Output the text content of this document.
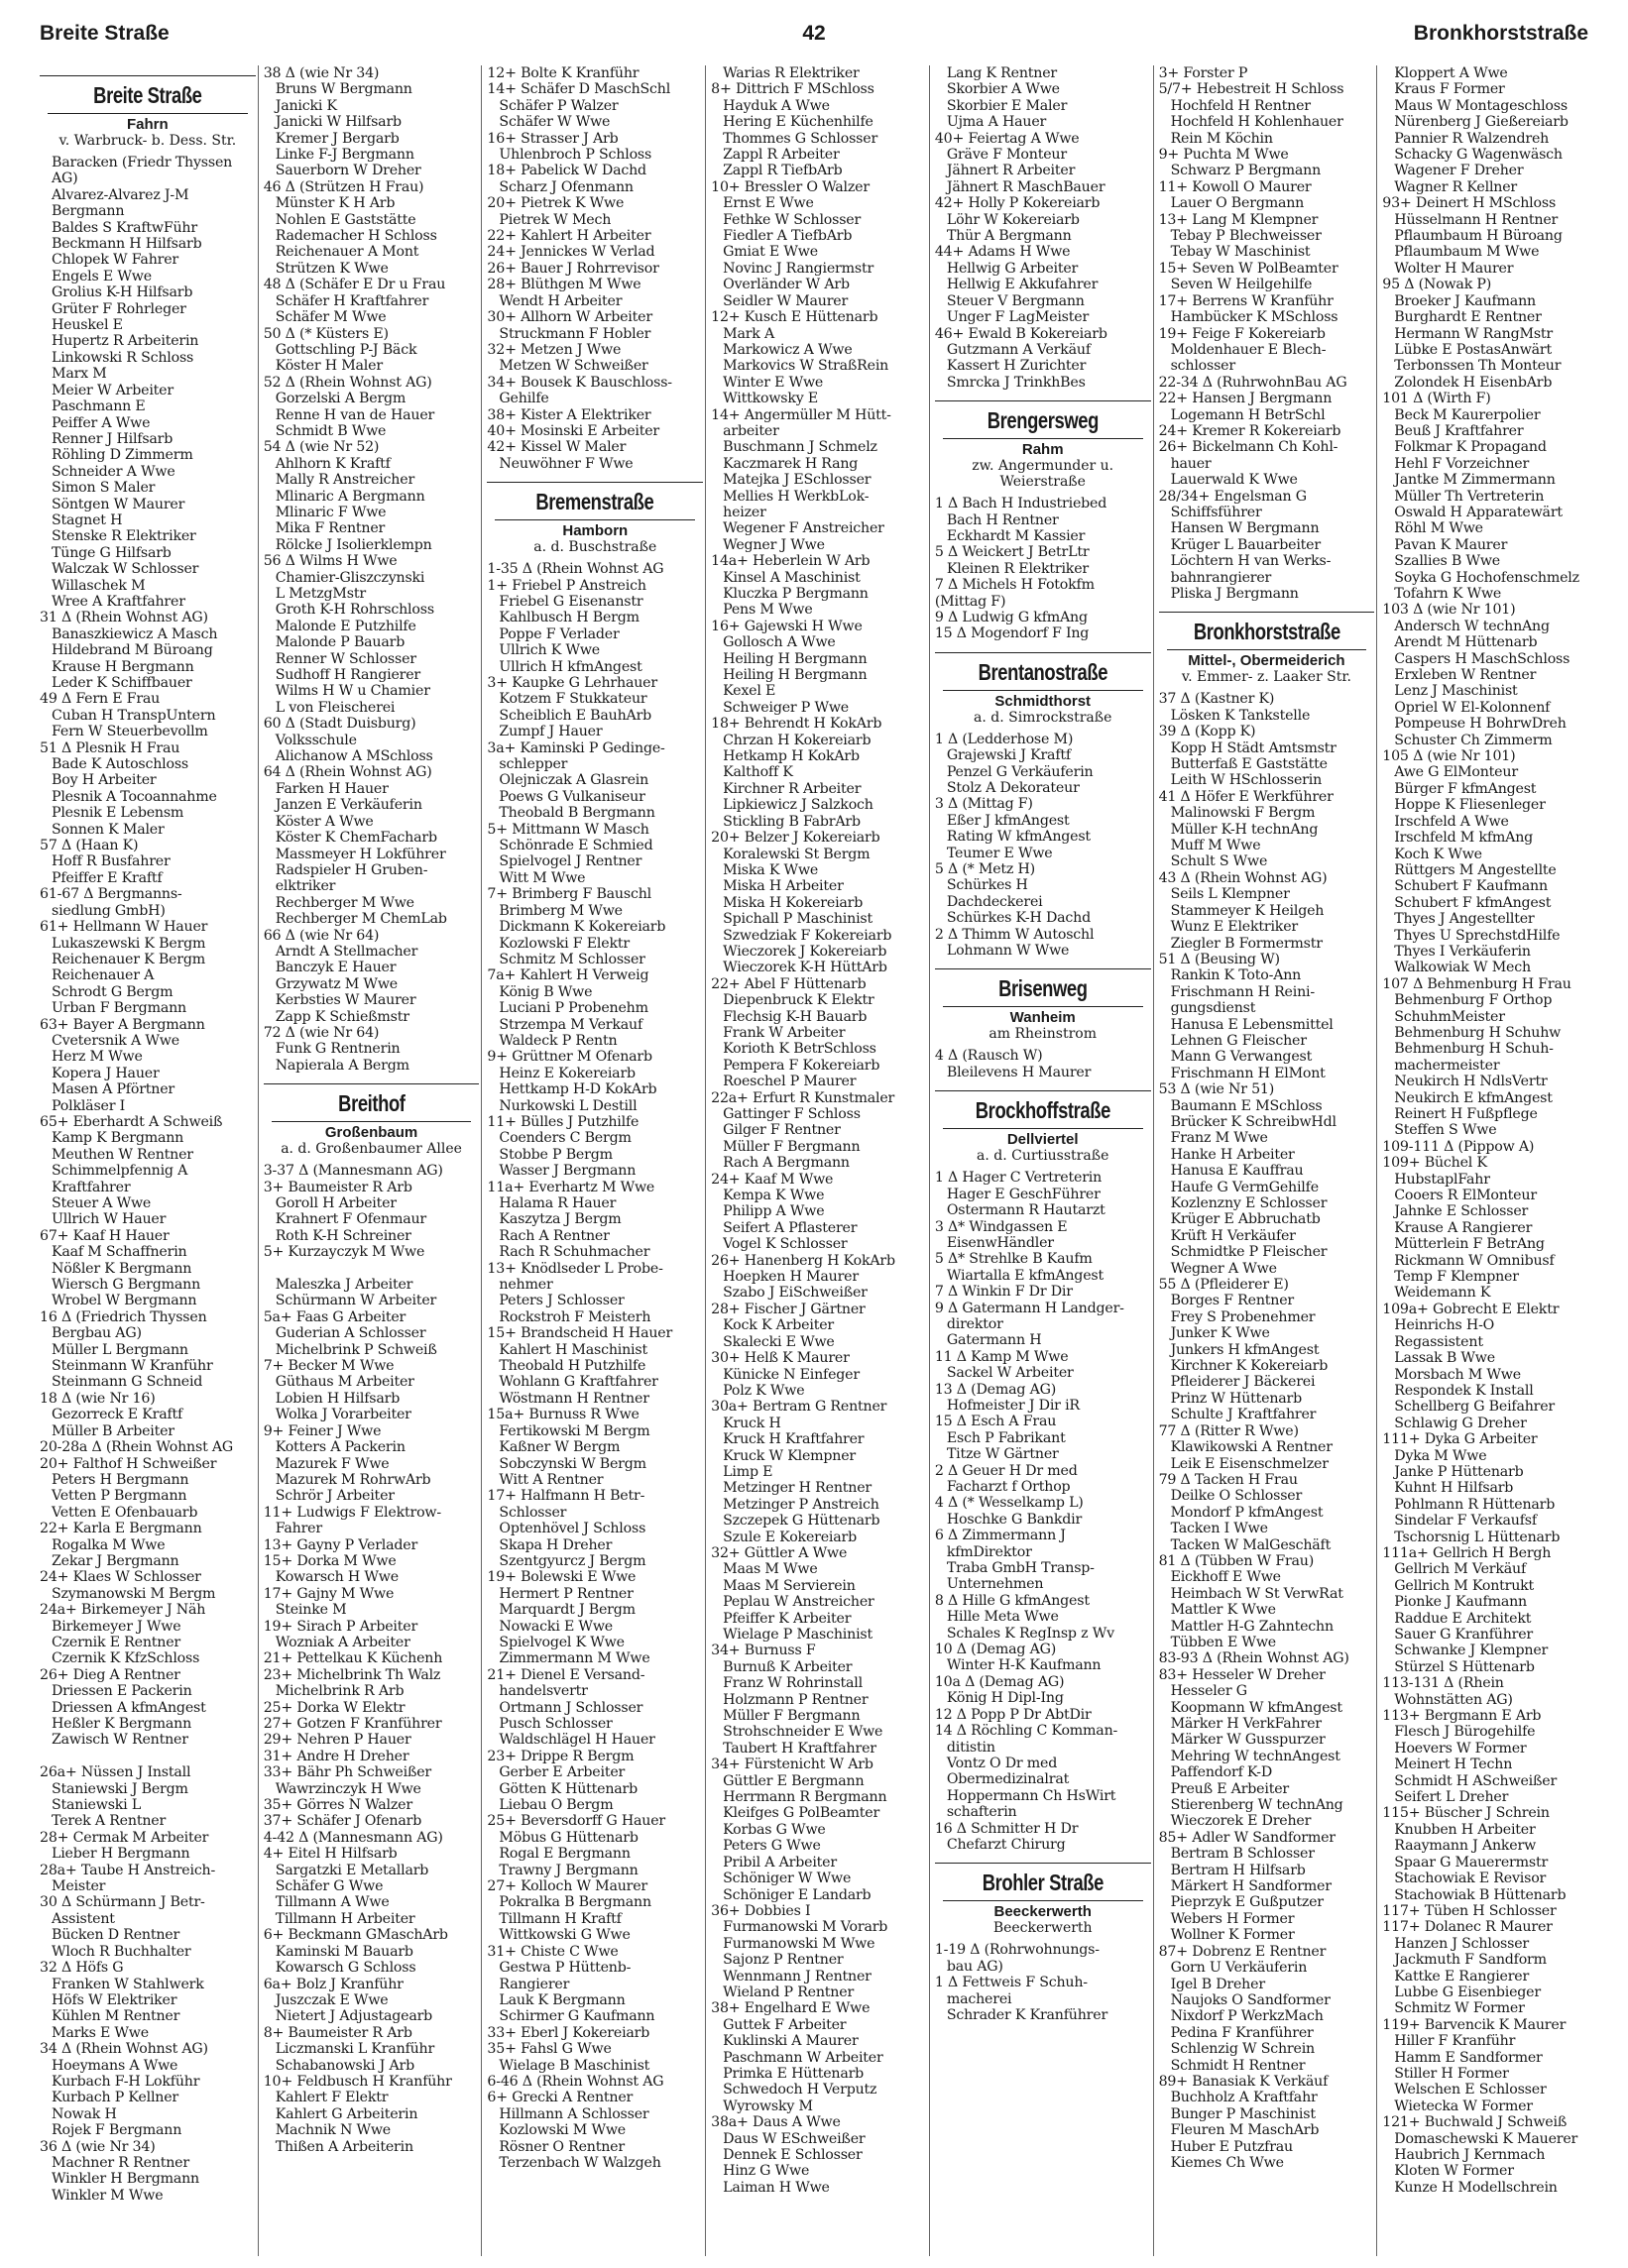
Breite Straße	42	Bronkhorststraße
Breite Straße
Fahrn
v. Warbruck- b. Dess. Str.
Baracken (Friedr Thyssen
AG)
Alvarez-Alvarez J-M
Bergmann
Baldes S KraftwFühr
Beckmann H Hilfsarb
Chlopek W Fahrer
Engels E Wwe
Grolius K-H Hilfsarb
Grüter F Rohrleger
Heuskel E
Hupertz R Arbeiterin
Linkowski R Schloss
Marx M
Meier W Arbeiter
Paschmann E
Peiffer A Wwe
Renner J Hilfsarb
Röhling D Zimmerm
Schneider A Wwe
Simon S Maler
Söntgen W Maurer
Stagnet H
Stenske R Elektriker
Tünge G Hilfsarb
Walczak W Schlosser
Willaschek M
Wree A Kraftfahrer
31 Δ (Rhein Wohnst AG)
Banaszkiewicz A Masch
Hildebrand M Büroang
Krause H Bergmann
Leder K Schiffbauer
49 Δ Fern E Frau
Cuban H TranspUntern
Fern W Steuerbevollm
51 Δ Plesnik H Frau
Bade K Autoschloss
Boy H Arbeiter
Plesnik A Tocoannahme
Plesnik E Lebensm
Sonnen K Maler
57 Δ (Haan K)
Hoff R Busfahrer
Pfeiffer E Kraftf
61-67 Δ Bergmanns-
siedlung GmbH)
61+ Hellmann W Hauer
Lukaszewski K Bergm
Reichenauer K Bergm
Reichenauer A
Schrodt G Bergm
Urban F Bergmann
63+ Bayer A Bergmann
Cvetersnik A Wwe
Herz M Wwe
Kopera J Hauer
Masen A Pförtner
Polkläser I
65+ Eberhardt A Schweiß
Kamp K Bergmann
Meuthen W Rentner
Schimmelpfennig A
Kraftfahrer
Steuer A Wwe
Ullrich W Hauer
67+ Kaaf H Hauer
Kaaf M Schaffnerin
Nößler K Bergmann
Wiersch G Bergmann
Wrobel W Bergmann
16 Δ (Friedrich Thyssen
Bergbau AG)
Müller L Bergmann
Steinmann W Kranführ
Steinmann G Schneid
18 Δ (wie Nr 16)
Gezorreck E Kraftf
Müller B Arbeiter
20-28a Δ (Rhein Wohnst AG
20+ Falthof H Schweißer
Peters H Bergmann
Vetten P Bergmann
Vetten E Ofenbauarb
22+ Karla E Bergmann
Rogalka M Wwe
Zekar J Bergmann
24+ Klaes W Schlosser
Szymanowski M Bergm
24a+ Birkemeyer J Näh
Birkemeyer J Wwe
Czernik E Rentner
Czernik K KfzSchloss
26+ Dieg A Rentner
Driessen E Packerin
Driessen A kfmAngest
Heßler K Bergmann
Zawisch W Rentner

26a+ Nüssen J Install
Staniewski J Bergm
Staniewski L
Terek A Rentner
28+ Cermak M Arbeiter
Lieber H Bergmann
28a+ Taube H Anstreich-
Meister
30 Δ Schürmann J Betr-
Assistent
Bücken D Rentner
Wloch R Buchhalter
32 Δ Höfs G
Franken W Stahlwerk
Höfs W Elektriker
Kühlen M Rentner
Marks E Wwe
34 Δ (Rhein Wohnst AG)
Hoeymans A Wwe
Kurbach F-H Lokführ
Kurbach P Kellner
Nowak H
Rojek F Bergmann
36 Δ (wie Nr 34)
Machner R Rentner
Winkler H Bergmann
Winkler M Wwe
38 Δ (wie Nr 34)
Bruns W Bergmann
Janicki K
Janicki W Hilfsarb
Kremer J Bergarb
Linke F-J Bergmann
Sauerborn W Dreher
46 Δ (Strützen H Frau)
Münster K H Arb
Nohlen E Gaststätte
Rademacher H Schloss
Reichenauer A Mont
Strützen K Wwe
48 Δ (Schäfer E Dr u Frau
Schäfer H Kraftfahrer
Schäfer M Wwe
50 Δ (* Küsters E)
Gottschling P-J Bäck
Köster H Maler
52 Δ (Rhein Wohnst AG)
Gorzelski A Bergm
Renne H van de Hauer
Schmidt B Wwe
54 Δ (wie Nr 52)
Ahlhorn K Kraftf
Mally R Anstreicher
Mlinaric A Bergmann
Mlinaric F Wwe
Mika F Rentner
Rölcke J Isolierklempn
56 Δ Wilms H Wwe
Chamier-Gliszczynski
L MetzgMstr
Groth K-H Rohrschloss
Malonde E Putzhilfe
Malonde P Bauarb
Renner W Schlosser
Sudhoff H Rangierer
Wilms H W u Chamier
L von Fleischerei
60 Δ (Stadt Duisburg)
Volksschule
Alichanow A MSchloss
64 Δ (Rhein Wohnst AG)
Farken H Hauer
Janzen E Verkäuferin
Köster A Wwe
Köster K ChemFacharb
Massmeyer H Lokführer
Radspieler H Gruben-
elktriker
Rechberger M Wwe
Rechberger M ChemLab
66 Δ (wie Nr 64)
Arndt A Stellmacher
Banczyk E Hauer
Grzywatz M Wwe
Kerbsties W Maurer
Zapp K Schießmstr
72 Δ (wie Nr 64)
Funk G Rentnerin
Napierala A Bergm
Breithof
Großenbaum
a. d. Großenbaumer Allee
3-37 Δ (Mannesmann AG)
3+ Baumeister R Arb
Goroll H Arbeiter
Krahnert F Ofenmaur
Roth K-H Schreiner
5+ Kurzayczyk M Wwe

Maleszka J Arbeiter
Schürmann W Arbeiter
5a+ Faas G Arbeiter
Guderian A Schlosser
Michelbrink P Schweiß
7+ Becker M Wwe
Güthaus M Arbeiter
Lobien H Hilfsarb
Wolka J Vorarbeiter
9+ Feiner J Wwe
Kotters A Packerin
Mazurek F Wwe
Mazurek M RohrwArb
Schrör J Arbeiter
11+ Ludwigs F Elektrow-
Fahrer
13+ Gayny P Verlader
15+ Dorka M Wwe
Kowarsch H Wwe
17+ Gajny M Wwe
Steinke M
19+ Sirach P Arbeiter
Wozniak A Arbeiter
21+ Pettelkau K Küchenh
23+ Michelbrink Th Walz
Michelbrink R Arb
25+ Dorka W Elektr
27+ Gotzen F Kranführer
29+ Nehren P Hauer
31+ Andre H Dreher
33+ Bähr Ph Schweißer
Wawrzinczyk H Wwe
35+ Görres N Walzer
37+ Schäfer J Ofenarb
4-42 Δ (Mannesmann AG)
4+ Eitel H Hilfsarb
Sargatzki E Metallarb
Schäfer G Wwe
Tillmann A Wwe
Tillmann H Arbeiter
6+ Beckmann GMaschArb
Kaminski M Bauarb
Kowarsch G Schloss
6a+ Bolz J Kranführ
Juszczak E Wwe
Nietert J Adjustagearb
8+ Baumeister R Arb
Liczmanski L Kranführ
Schabanowski J Arb
10+ Feldbusch H Kranführ
Kahlert F Elektr
Kahlert G Arbeiterin
Machnik N Wwe
Thißen A Arbeiterin
12+ Bolte K Kranführ
14+ Schäfer D MaschSchl
Schäfer P Walzer
Schäfer W Wwe
16+ Strasser J Arb
Uhlenbroch P Schloss
18+ Pabelick W Dachd
Scharz J Ofenmann
20+ Pietrek K Wwe
Pietrek W Mech
22+ Kahlert H Arbeiter
24+ Jennickes W Verlad
26+ Bauer J Rohrrevisor
28+ Blüthgen M Wwe
Wendt H Arbeiter
30+ Allhorn W Arbeiter
Struckmann F Hobler
32+ Metzen J Wwe
Metzen W Schweißer
34+ Bousek K Bauschloss-
Gehilfe
38+ Kister A Elektriker
40+ Mosinski E Arbeiter
42+ Kissel W Maler
Neuwöhner F Wwe
Bremenstraße
Hamborn
a. d. Buschstraße
1-35 Δ (Rhein Wohnst AG
1+ Friebel P Anstreich
Friebel G Eisenanstr
Kahlbusch H Bergm
Poppe F Verlader
Ullrich K Wwe
Ullrich H kfmAngest
3+ Kaupke G Lehrhauer
Kotzem F Stukkateur
Scheiblich E BauhArb
Zumpf J Hauer
3a+ Kaminski P Gedinge-
schlepper
Olejniczak A Glasrein
Poews G Vulkaniseur
Theobald B Bergmann
5+ Mittmann W Masch
Schönrade E Schmied
Spielvogel J Rentner
Witt M Wwe
7+ Brimberg F Bauschl
Brimberg M Wwe
Dickmann K Kokereiarb
Kozlowski F Elektr
Schmitz M Schlosser
7a+ Kahlert H Verweig
König B Wwe
Luciani P Probenehm
Strzempa M Verkauf
Waldeck P Rentn
9+ Grüttner M Ofenarb
Heinz E Kokereiarb
Hettkamp H-D KokArb
Nurkowski L Destill
11+ Bülles J Putzhilfe
Coenders C Bergm
Stobbe P Bergm
Wasser J Bergmann
11a+ Everhartz M Wwe
Halama R Hauer
Kaszytza J Bergm
Rach A Rentner
Rach R Schuhmacher
13+ Knödlseder L Probe-
nehmer
Peters J Schlosser
Rockstroh F Meisterh
15+ Brandscheid H Hauer
Kahlert H Maschinist
Theobald H Putzhilfe
Wohlann G Kraftfahrer
Wöstmann H Rentner
15a+ Burnuss R Wwe
Fertikowski M Bergm
Kaßner W Bergm
Sobczynski W Bergm
Witt A Rentner
17+ Halfmann H Betr-
Schlosser
Optenhövel J Schloss
Skapa H Dreher
Szentgyurcz J Bergm
19+ Bolewski E Wwe
Hermert P Rentner
Marquardt J Bergm
Nowacki E Wwe
Spielvogel K Wwe
Zimmermann M Wwe
21+ Dienel E Versand-
handelsvertr
Ortmann J Schlosser
Pusch Schlosser
Waldschlägel H Hauer
23+ Drippe R Bergm
Gerber E Arbeiter
Götten K Hüttenarb
Liebau O Bergm
25+ Beversdorff G Hauer
Möbus G Hüttenarb
Rogal E Bergmann
Trawny J Bergmann
27+ Kolloch W Maurer
Pokralka B Bergmann
Tillmann H Kraftf
Wittkowski G Wwe
31+ Chiste C Wwe
Gestwa P Hüttenb-
Rangierer
Lauk K Bergmann
Schirmer G Kaufmann
33+ Eberl J Kokereiarb
35+ Fahsl G Wwe
Wielage B Maschinist
6-46 Δ (Rhein Wohnst AG
6+ Grecki A Rentner
Hillmann A Schlosser
Kozlowski M Wwe
Rösner O Rentner
Terzenbach W Walzgeh
Warias R Elektriker
8+ Dittrich F MSchloss
Hayduk A Wwe
Hering E Küchenhilfe
Thommes G Schlosser
Zappl R Arbeiter
Zappl R TiefbArb
10+ Bressler O Walzer
Ernst E Wwe
Fethke W Schlosser
Fiedler A TiefbArb
Gmiat E Wwe
Novinc J Rangiermstr
Overländer W Arb
Seidler W Maurer
12+ Kusch E Hüttenarb
Mark A
Markowicz A Wwe
Markovics W StraßRein
Winter E Wwe
Wittkowsky E
14+ Angermüller M Hütt-
arbeiter
Buschmann J Schmelz
Kaczmarek H Rang
Matejka J ESchlosser
Mellies H WerkbLok-
heizer
Wegener F Anstreicher
Wegner J Wwe
14a+ Heberlein W Arb
Kinsel A Maschinist
Kluczka P Bergmann
Pens M Wwe
16+ Gajewski H Wwe
Gollosch A Wwe
Heiling H Bergmann
Heiling H Bergmann
Kexel E
Schweiger P Wwe
18+ Behrendt H KokArb
Chrzan H Kokereiarb
Hetkamp H KokArb
Kalthoff K
Kirchner R Arbeiter
Lipkiewicz J Salzkoch
Stickling B FabrArb
20+ Belzer J Kokereiarb
Koralewski St Bergm
Miska K Wwe
Miska H Arbeiter
Miska H Kokereiarb
Spichall P Maschinist
Szwedziak F Kokereiarb
Wieczorek J Kokereiarb
Wieczorek K-H HüttArb
22+ Abel F Hüttenarb
Diepenbruck K Elektr
Flechsig K-H Bauarb
Frank W Arbeiter
Korioth K BetrSchloss
Pempera F Kokereiarb
Roeschel P Maurer
22a+ Erfurt R Kunstmaler
Gattinger F Schloss
Gilger F Rentner
Müller F Bergmann
Rach A Bergmann
24+ Kaaf M Wwe
Kempa K Wwe
Philipp A Wwe
Seifert A Pflasterer
Vogel K Schlosser
26+ Hanenberg H KokArb
Hoepken H Maurer
Szabo J EiSchweißer
28+ Fischer J Gärtner
Kock K Arbeiter
Skalecki E Wwe
30+ Helß K Maurer
Künicke N Einfeger
Polz K Wwe
30a+ Bertram G Rentner
Kruck H
Kruck H Kraftfahrer
Kruck W Klempner
Limp E
Metzinger H Rentner
Metzinger P Anstreich
Szczepek G Hüttenarb
Szule E Kokereiarb
32+ Güttler A Wwe
Maas M Wwe
Maas M Servierein
Peplau W Anstreicher
Pfeiffer K Arbeiter
Wielage P Maschinist
34+ Burnuss F
Burnuß K Arbeiter
Franz W Rohrinstall
Holzmann P Rentner
Müller F Bergmann
Strohschneider E Wwe
Taubert H Kraftfahrer
34+ Fürstenicht W Arb
Güttler E Bergmann
Herrmann R Bergmann
Kleifges G PolBeamter
Korbas G Wwe
Peters G Wwe
Pribil A Arbeiter
Schöniger W Wwe
Schöniger E Landarb
36+ Dobbies I
Furmanowski M Vorarb
Furmanowski M Wwe
Sajonz P Rentner
Wennmann J Rentner
Wieland P Rentner
38+ Engelhard E Wwe
Guttek F Arbeiter
Kuklinski A Maurer
Paschmann W Arbeiter
Primka E Hüttenarb
Schwedoch H Verputz
Wyrowsky M
38a+ Daus A Wwe
Daus W ESchweißer
Dennek E Schlosser
Hinz G Wwe
Laiman H Wwe
Lang K Rentner
Skorbier A Wwe
Skorbier E Maler
Ujma A Hauer
40+ Feiertag A Wwe
Gräve F Monteur
Jähnert R Arbeiter
Jähnert R MaschBauer
42+ Holly P Kokereiarb
Löhr W Kokereiarb
Thür A Bergmann
44+ Adams H Wwe
Hellwig G Arbeiter
Hellwig E Akkufahrer
Steuer V Bergmann
Unger F LagMeister
46+ Ewald B Kokereiarb
Gutzmann A Verkäuf
Kassert H Zurichter
Smrcka J TrinkhBes
Brengersweg
Rahm
zw. Angermunder u. Weierstraße
1 Δ Bach H Industriebed
Bach H Rentner
Eckhardt M Kassier
5 Δ Weickert J BetrLtr
Kleinen R Elektriker
7 Δ Michels H Fotokfm
(Mittag F)
9 Δ Ludwig G kfmAng
15 Δ Mogendorf F Ing
Brentanostraße
Schmidthorst
a. d. Simrockstraße
1 Δ (Ledderhose M)
Grajewski J Kraftf
Penzel G Verkäuferin
Stolz A Dekorateur
3 Δ (Mittag F)
Eßer J kfmAngest
Rating W kfmAngest
Teumer E Wwe
5 Δ (* Metz H)
Schürkes H
Dachdeckerei
Schürkes K-H Dachd
2 Δ Thimm W Autoschl
Lohmann W Wwe
Brisenweg
Wanheim
am Rheinstrom
4 Δ (Rausch W)
Bleilevens H Maurer
Brockhoffstraße
Dellviertel
a. d. Curtiusstraße
1 Δ Hager C Vertreterin
Hager E GeschFührer
Ostermann R Hautarzt
3 Δ* Windgassen E
EisenwHändler
5 Δ* Strehlke B Kaufm
Wiartalla E kfmAngest
7 Δ Winkin F Dr Dir
9 Δ Gatermann H Landger-
direktor
Gatermann H
11 Δ Kamp M Wwe
Sackel W Arbeiter
13 Δ (Demag AG)
Hofmeister J Dir iR
15 Δ Esch A Frau
Esch P Fabrikant
Titze W Gärtner
2 Δ Geuer H Dr med
Facharzt f Orthop
4 Δ (* Wesselkamp L)
Hoschke G Bankdir
6 Δ Zimmermann J
kfmDirektor
Traba GmbH Transp-
Unternehmen
8 Δ Hille G kfmAngest
Hille Meta Wwe
Schales K RegInsp z Wv
10 Δ (Demag AG)
Winter H-K Kaufmann
10a Δ (Demag AG)
König H Dipl-Ing
12 Δ Popp P Dr AbtDir
14 Δ Röchling C Komman-
ditistin
Vontz O Dr med
Obermedizinalrat
Hoppermann Ch HsWirt
schafterin
16 Δ Schmitter H Dr
Chefarzt Chirurg
Brohler Straße
Beeckerwerth
Beeckerwerth
1-19 Δ (Rohrwohnungs-
bau AG)
1 Δ Fettweis F Schuh-
macherei
Schrader K Kranführer
3+ Forster P
5/7+ Hebestreit H Schloss
Hochfeld H Rentner
Hochfeld H Kohlenhauer
Rein M Köchin
9+ Puchta M Wwe
Schwarz P Bergmann
11+ Kowoll O Maurer
Lauer O Bergmann
13+ Lang M Klempner
Tebay P Blechweisser
Tebay W Maschinist
15+ Seven W PolBeamter
Seven W Heilgehilfe
17+ Berrens W Kranführ
Hambücker K MSchloss
19+ Feige F Kokereiarb
Moldenhauer E Blech-
schlosser
22-34 Δ (RuhrwohnBau AG
22+ Hansen J Bergmann
Logemann H BetrSchl
24+ Kremer R Kokereiarb
26+ Bickelmann Ch Kohl-
hauer
Lauerwald K Wwe
28/34+ Engelsman G
Schiffsführer
Hansen W Bergmann
Krüger L Bauarbeiter
Löchtern H van Werks-
bahnrangierer
Pliska J Bergmann
Bronkhorststraße
Mittel-, Obermeiderich
v. Emmer- z. Laaker Str.
37 Δ (Kastner K)
Lösken K Tankstelle
39 Δ (Kopp K)
Kopp H Städt Amtsmstr
Butterfaß E Gaststätte
Leith W HSchlosserin
41 Δ Höfer E Werkführer
Malinowski F Bergm
Müller K-H technAng
Muff M Wwe
Schult S Wwe
43 Δ (Rhein Wohnst AG)
Seils L Klempner
Stammeyer K Heilgeh
Wunz E Elektriker
Ziegler B Formermstr
51 Δ (Beusing W)
Rankin K Toto-Ann
Frischmann H Reini-
gungsdienst
Hanusa E Lebensmittel
Lehnen G Fleischer
Mann G Verwangest
Frischmann H ElMont
53 Δ (wie Nr 51)
Baumann E MSchloss
Brücker K SchreibwHdl
Franz M Wwe
Hanke H Arbeiter
Hanusa E Kauffrau
Haufe G VermGehilfe
Kozlenzny E Schlosser
Krüger E Abbruchatb
Krüft H Verkäufer
Schmidtke P Fleischer
Wegner A Wwe
55 Δ (Pfleiderer E)
Borges F Rentner
Frey S Probenehmer
Junker K Wwe
Junkers H kfmAngest
Kirchner K Kokereiarb
Pfleiderer J Bäckerei
Prinz W Hüttenarb
Schulte J Kraftfahrer
77 Δ (Ritter R Wwe)
Klawikowski A Rentner
Leik E Eisenschmelzer
79 Δ Tacken H Frau
Deilke O Schlosser
Mondorf P kfmAngest
Tacken I Wwe
Tacken W MalGeschäft
81 Δ (Tübben W Frau)
Eickhoff E Wwe
Heimbach W St VerwRat
Mattler K Wwe
Mattler H-G Zahntechn
Tübben E Wwe
83-93 Δ (Rhein Wohnst AG)
83+ Hesseler W Dreher
Hesseler G
Koopmann W kfmAngest
Märker H VerkFahrer
Märker W Gusspurzer
Mehring W technAngest
Paffendorf K-D
Preuß E Arbeiter
Stierenberg W technAng
Wieczorek E Dreher
85+ Adler W Sandformer
Bertram B Schlosser
Bertram H Hilfsarb
Märkert H Sandformer
Pieprzyk E Gußputzer
Webers H Former
Wollner K Former
87+ Dobrenz E Rentner
Gorn U Verkäuferin
Igel B Dreher
Naujoks O Sandformer
Nixdorf P WerkzMach
Pedina F Kranführer
Schlenzig W Schrein
Schmidt H Rentner
89+ Banasiak K Verkäuf
Buchholz A Kraftfahr
Bunger P Maschinist
Fleuren M MaschArb
Huber E Putzfrau
Kiemes Ch Wwe
Kloppert A Wwe
Kraus F Former
Maus W Montageschloss
Nürenberg J Gießereiarb
Pannier R Walzendreh
Schacky G Wagenwäsch
Wagener F Dreher
Wagner R Kellner
93+ Deinert H MSchloss
Hüsselmann H Rentner
Pflaumbaum H Büroang
Pflaumbaum M Wwe
Wolter H Maurer
95 Δ (Nowak P)
Broeker J Kaufmann
Burghardt E Rentner
Hermann W RangMstr
Lübke E PostasAnwärt
Terbonssen Th Monteur
Zolondek H EisenbArb
101 Δ (Wirth F)
Beck M Kaurerpolier
Beuß J Kraftfahrer
Folkmar K Propagand
Hehl F Vorzeichner
Jantke M Zimmermann
Müller Th Vertreterin
Oswald H Apparatewärt
Röhl M Wwe
Pavan K Maurer
Szallies B Wwe
Soyka G Hochofenschmelz
Tofahrn K Wwe
103 Δ (wie Nr 101)
Andersch W technAng
Arendt M Hüttenarb
Caspers H MaschSchloss
Erxleben W Rentner
Lenz J Maschinist
Opriel W El-Kolonnenf
Pompeuse H BohrwDreh
Schuster Ch Zimmerm
105 Δ (wie Nr 101)
Awe G ElMonteur
Bürger F kfmAngest
Hoppe K Fliesenleger
Irschfeld A Wwe
Irschfeld M kfmAng
Koch K Wwe
Rüttgers M Angestellte
Schubert F Kaufmann
Schubert F kfmAngest
Thyes J Angestellter
Thyes U SprechstdHilfe
Thyes I Verkäuferin
Walkowiak W Mech
107 Δ Behmenburg H Frau
Behmenburg F Orthop
SchuhmMeister
Behmenburg H Schuhw
Behmenburg H Schuh-
machermeister
Neukirch H NdlsVertr
Neukirch E kfmAngest
Reinert H Fußpflege
Steffen S Wwe
109-111 Δ (Pippow A)
109+ Büchel K
HubstaplFahr
Cooers R ElMonteur
Jahnke E Schlosser
Krause A Rangierer
Mütterlein F BetrAng
Rickmann W Omnibusf
Temp F Klempner
Weidemann K
109a+ Gobrecht E Elektr
Heinrichs H-O
Regassistent
Lassak B Wwe
Morsbach M Wwe
Respondek K Install
Schellberg G Beifahrer
Schlawig G Dreher
111+ Dyka G Arbeiter
Dyka M Wwe
Janke P Hüttenarb
Kuhnt H Hilfsarb
Pohlmann R Hüttenarb
Sindelar F Verkaufsf
Tschorsnig L Hüttenarb
111a+ Gellrich H Bergh
Gellrich M Verkäuf
Gellrich M Kontrukt
Pionke J Kaufmann
Raddue E Architekt
Sauer G Kranführer
Schwanke J Klempner
Stürzel S Hüttenarb
113-131 Δ (Rhein
Wohnstätten AG)
113+ Bergmann E Arb
Flesch J Bürogehilfe
Hoevers W Former
Meinert H Techn
Schmidt H ASchweißer
Seifert L Dreher
115+ Büscher J Schrein
Knubben H Arbeiter
Raaymann J Ankerw
Spaar G Mauerermstr
Stachowiak E Revisor
Stachowiak B Hüttenarb
117+ Tüben H Schlosser
117+ Dolanec R Maurer
Hanzen J Schlosser
Jackmuth F Sandform
Kattke E Rangierer
Lubbe G Eisenbieger
Schmitz W Former
119+ Barvencik K Maurer
Hiller F Kranführ
Hamm E Sandformer
Stiller H Former
Welschen E Schlosser
Wietecka W Former
121+ Buchwald J Schweiß
Domaschewski K Mauerer
Haubrich J Kernmach
Kloten W Former
Kunze H Modellschrein
